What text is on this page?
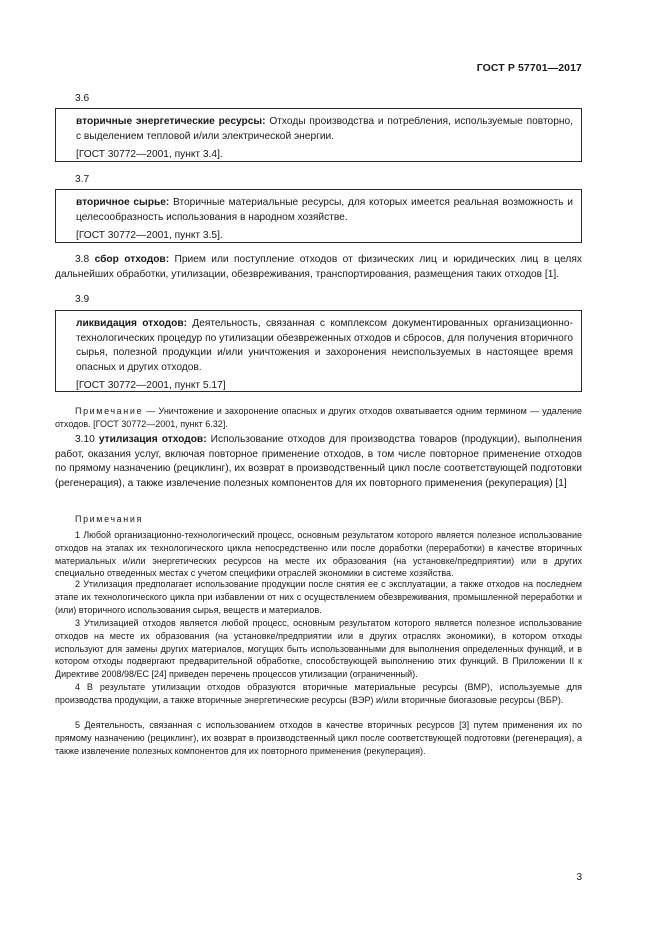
ГОСТ Р 57701—2017
3.6

вторичные энергетические ресурсы: Отходы производства и потребления, используемые повторно, с выделением тепловой и/или электрической энергии.

[ГОСТ 30772—2001, пункт 3.4].

3.7

вторичное сырье: Вторичные материальные ресурсы, для которых имеется реальная возможность и целесообразность использования в народном хозяйстве.

[ГОСТ 30772—2001, пункт 3.5].

3.8 сбор отходов: Прием или поступление отходов от физических лиц и юридических лиц в целях дальнейших обработки, утилизации, обезвреживания, транспортирования, размещения таких отходов [1].

3.9

ликвидация отходов: Деятельность, связанная с комплексом документированных организационно-технологических процедур по утилизации обезвреженных отходов и сбросов, для получения вторичного сырья, полезной продукции и/или уничтожения и захоронения неиспользуемых в настоящее время опасных и других отходов.

[ГОСТ 30772—2001, пункт 5.17]

Примечание — Уничтожение и захоронение опасных и других отходов охватывается одним термином — удаление отходов. [ГОСТ 30772—2001, пункт 6.32].

3.10 утилизация отходов: Использование отходов для производства товаров (продукции), выполнения работ, оказания услуг, включая повторное применение отходов, в том числе повторное применение отходов по прямому назначению (рециклинг), их возврат в производственный цикл после соответствующей подготовки (регенерация), а также извлечение полезных компонентов для их повторного применения (рекуперация) [1]

Примечания

1 Любой организационно-технологический процесс, основным результатом которого является полезное использование отходов на этапах их технологического цикла непосредственно или после доработки (переработки) в качестве вторичных материальных и/или энергетических ресурсов на месте их образования (на установке/предприятии) или в других специально отведенных местах с учетом специфики отраслей экономики в системе хозяйства.

2 Утилизация предполагает использование продукции после снятия ее с эксплуатации, а также отходов на последнем этапе их технологического цикла при избавлении от них с осуществлением обезвреживания, промышленной переработки и (или) вторичного использования сырья, веществ и материалов.

3 Утилизацией отходов является любой процесс, основным результатом которого является полезное использование отходов на месте их образования (на установке/предприятии или в других отраслях экономики), в котором отходы используют для замены других материалов, могущих быть использованными для выполнения определенных функций, и в котором отходы подвергают предварительной обработке, способствующей выполнению этих функций. В Приложении II к Директиве 2008/98/ЕС [24] приведен перечень процессов утилизации (ограниченный).

4 В результате утилизации отходов образуются вторичные материальные ресурсы (ВМР), используемые для производства продукции, а также вторичные энергетические ресурсы (ВЭР) и/или вторичные биогазовые ресурсы (ВБР).

5 Деятельность, связанная с использованием отходов в качестве вторичных ресурсов [3] путем применения их по прямому назначению (рециклинг), их возврат в производственный цикл после соответствующей подготовки (регенерация), а также извлечение полезных компонентов для их повторного применения (рекуперация).

3
